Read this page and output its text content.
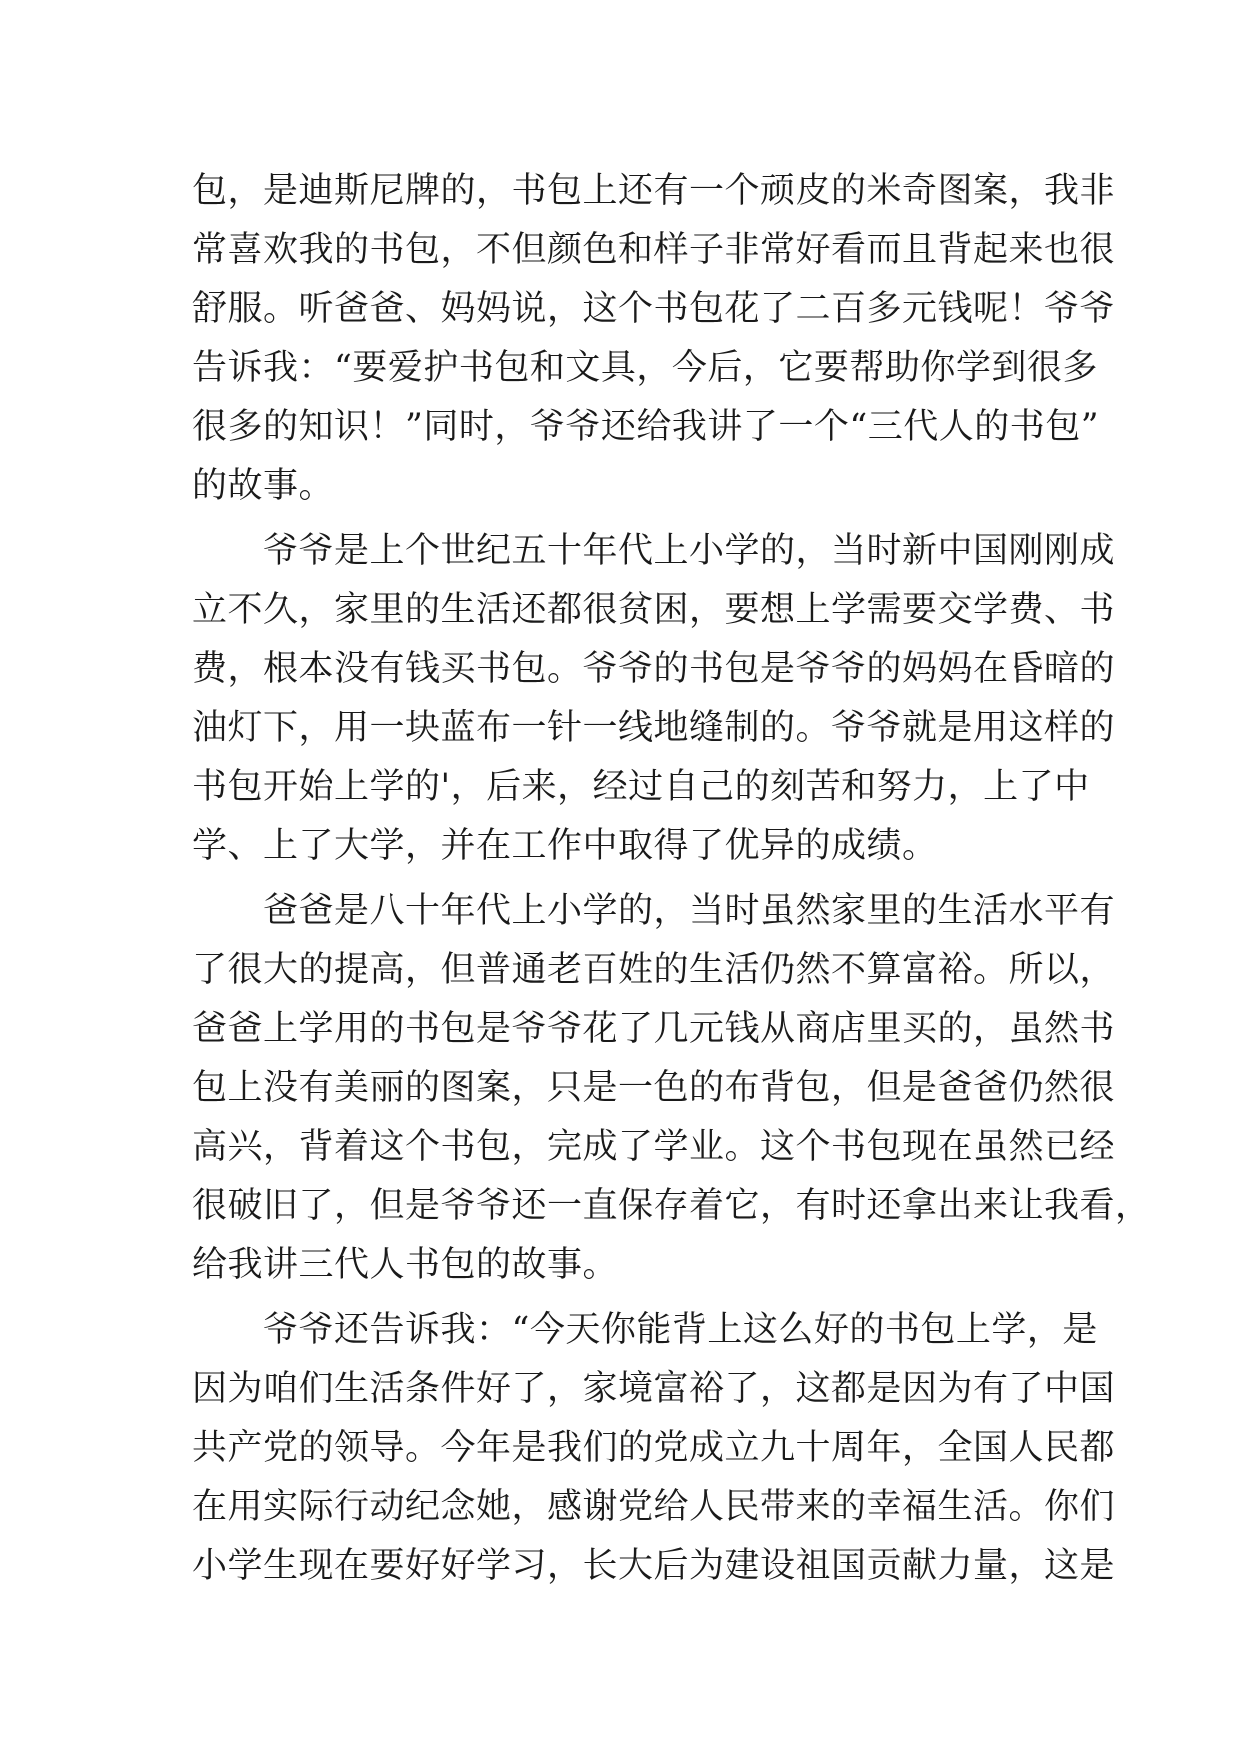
包，是迪斯尼牌的，书包上还有一个顽皮的米奇图案，我非
常喜欢我的书包，不但颜色和样子非常好看而且背起来也很
舒服。听爸爸、妈妈说，这个书包花了二百多元钱呢！爷爷
告诉我：“要爱护书包和文具，今后，它要帮助你学到很多
很多的知识！”同时，爷爷还给我讲了一个“三代人的书包”
的故事。
　　爷爷是上个世纪五十年代上小学的，当时新中国刚刚成
立不久，家里的生活还都很贫困，要想上学需要交学费、书
费，根本没有钱买书包。爷爷的书包是爷爷的妈妈在昏暗的
油灯下，用一块蓝布一针一线地缝制的。爷爷就是用这样的
书包开始上学的'，后来，经过自己的刻苦和努力，上了中
学、上了大学，并在工作中取得了优异的成绩。
　　爸爸是八十年代上小学的，当时虽然家里的生活水平有
了很大的提高，但普通老百姓的生活仍然不算富裕。所以，
爸爸上学用的书包是爷爷花了几元钱从商店里买的，虽然书
包上没有美丽的图案，只是一色的布背包，但是爸爸仍然很
高兴，背着这个书包，完成了学业。这个书包现在虽然已经
很破旧了，但是爷爷还一直保存着它，有时还拿出来让我看，
给我讲三代人书包的故事。
　　爷爷还告诉我：“今天你能背上这么好的书包上学，是
因为咱们生活条件好了，家境富裕了，这都是因为有了中国
共产党的领导。今年是我们的党成立九十周年，全国人民都
在用实际行动纪念她，感谢党给人民带来的幸福生活。你们
小学生现在要好好学习，长大后为建设祖国贡献力量，这是
